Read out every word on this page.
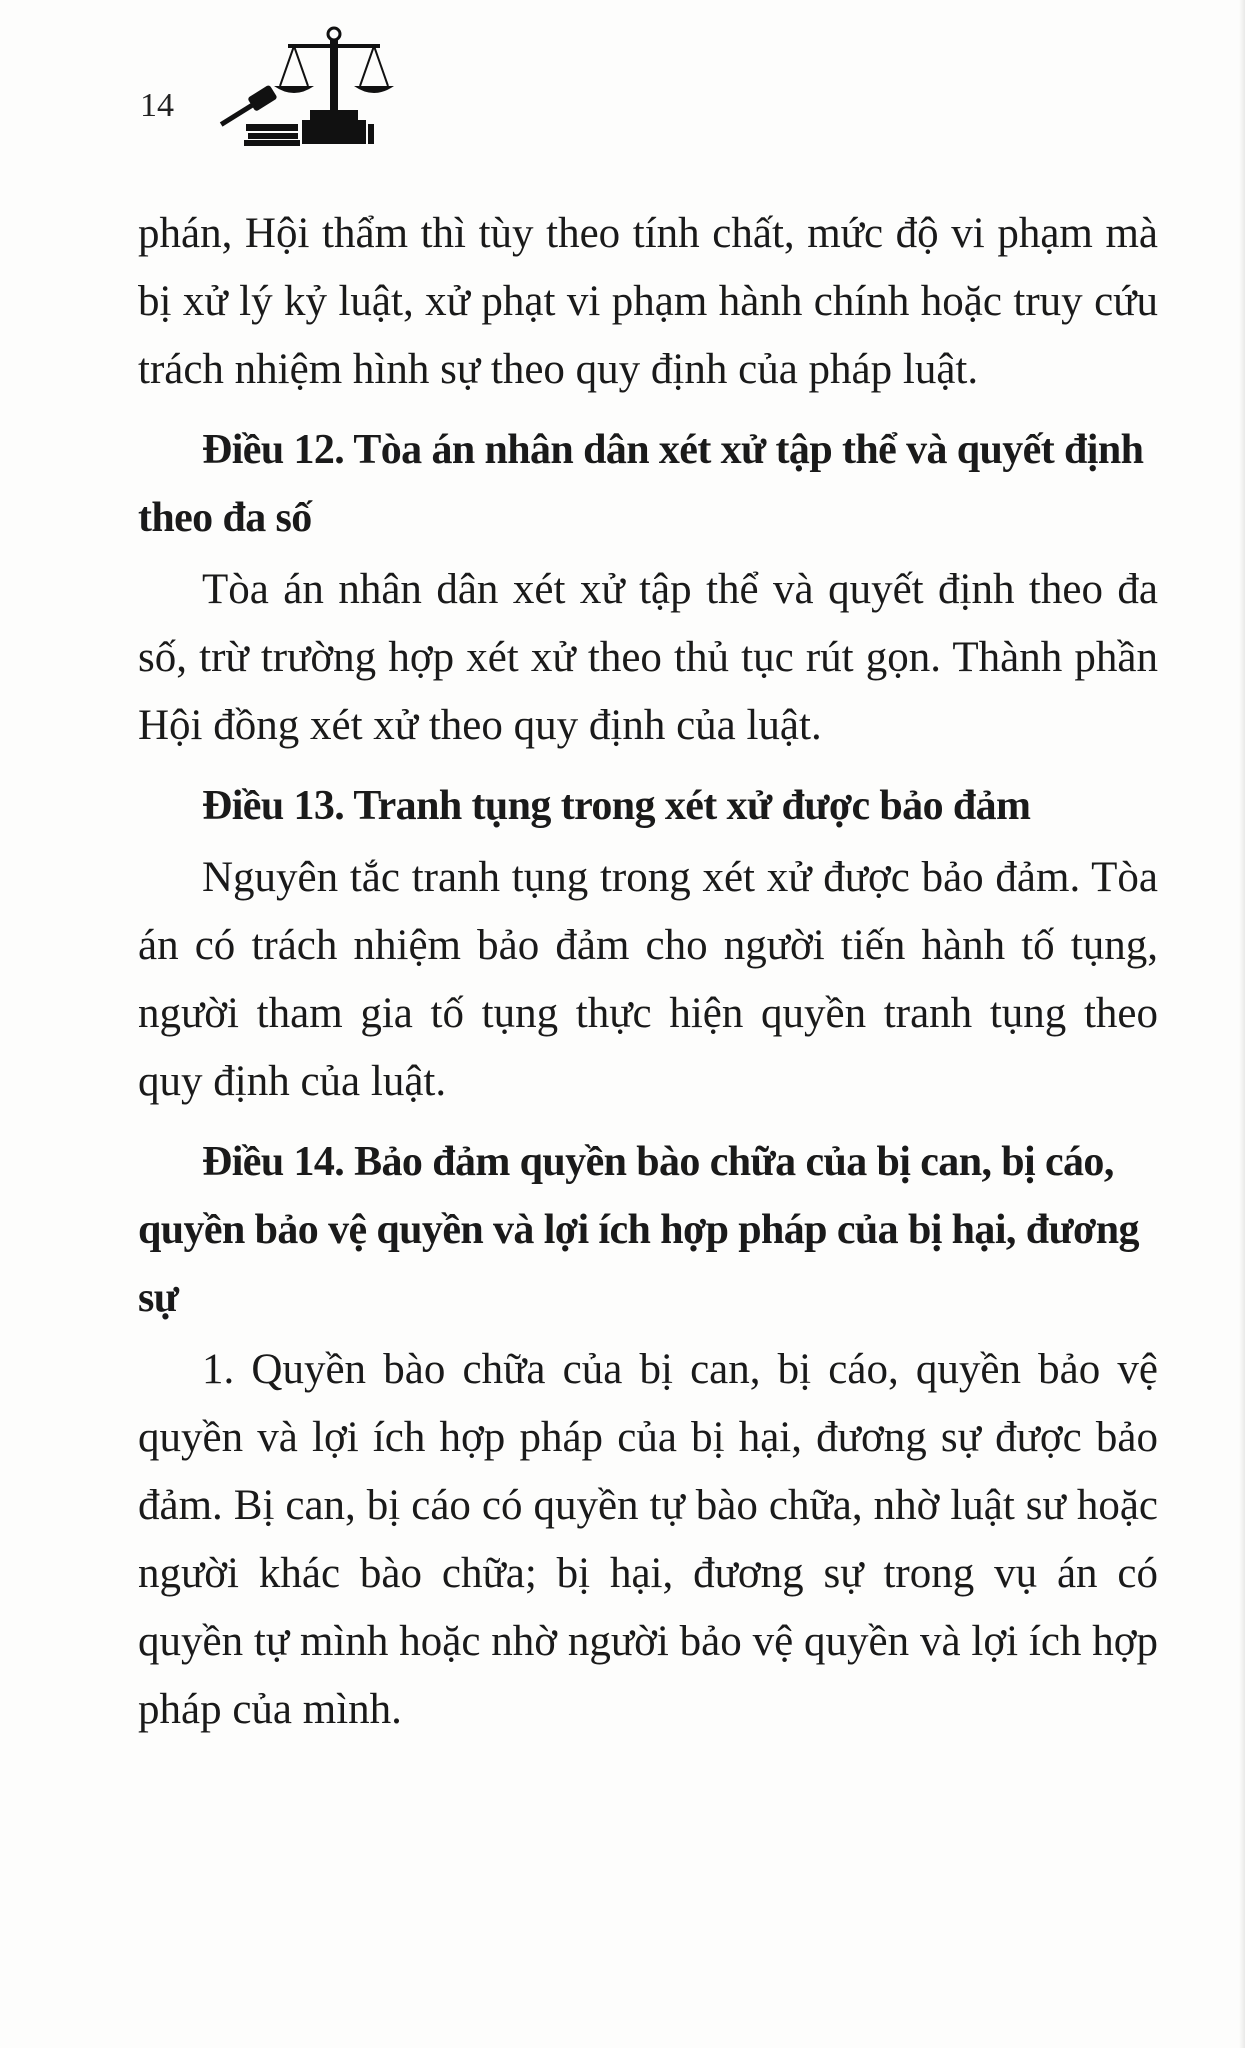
14

phán, Hội thẩm thì tùy theo tính chất, mức độ vi phạm mà bị xử lý kỷ luật, xử phạt vi phạm hành chính hoặc truy cứu trách nhiệm hình sự theo quy định của pháp luật.

Điều 12. Tòa án nhân dân xét xử tập thể và quyết định theo đa số

Tòa án nhân dân xét xử tập thể và quyết định theo đa số, trừ trường hợp xét xử theo thủ tục rút gọn. Thành phần Hội đồng xét xử theo quy định của luật.

Điều 13. Tranh tụng trong xét xử được bảo đảm

Nguyên tắc tranh tụng trong xét xử được bảo đảm. Tòa án có trách nhiệm bảo đảm cho người tiến hành tố tụng, người tham gia tố tụng thực hiện quyền tranh tụng theo quy định của luật.

Điều 14. Bảo đảm quyền bào chữa của bị can, bị cáo, quyền bảo vệ quyền và lợi ích hợp pháp của bị hại, đương sự

1. Quyền bào chữa của bị can, bị cáo, quyền bảo vệ quyền và lợi ích hợp pháp của bị hại, đương sự được bảo đảm. Bị can, bị cáo có quyền tự bào chữa, nhờ luật sư hoặc người khác bào chữa; bị hại, đương sự trong vụ án có quyền tự mình hoặc nhờ người bảo vệ quyền và lợi ích hợp pháp của mình.
